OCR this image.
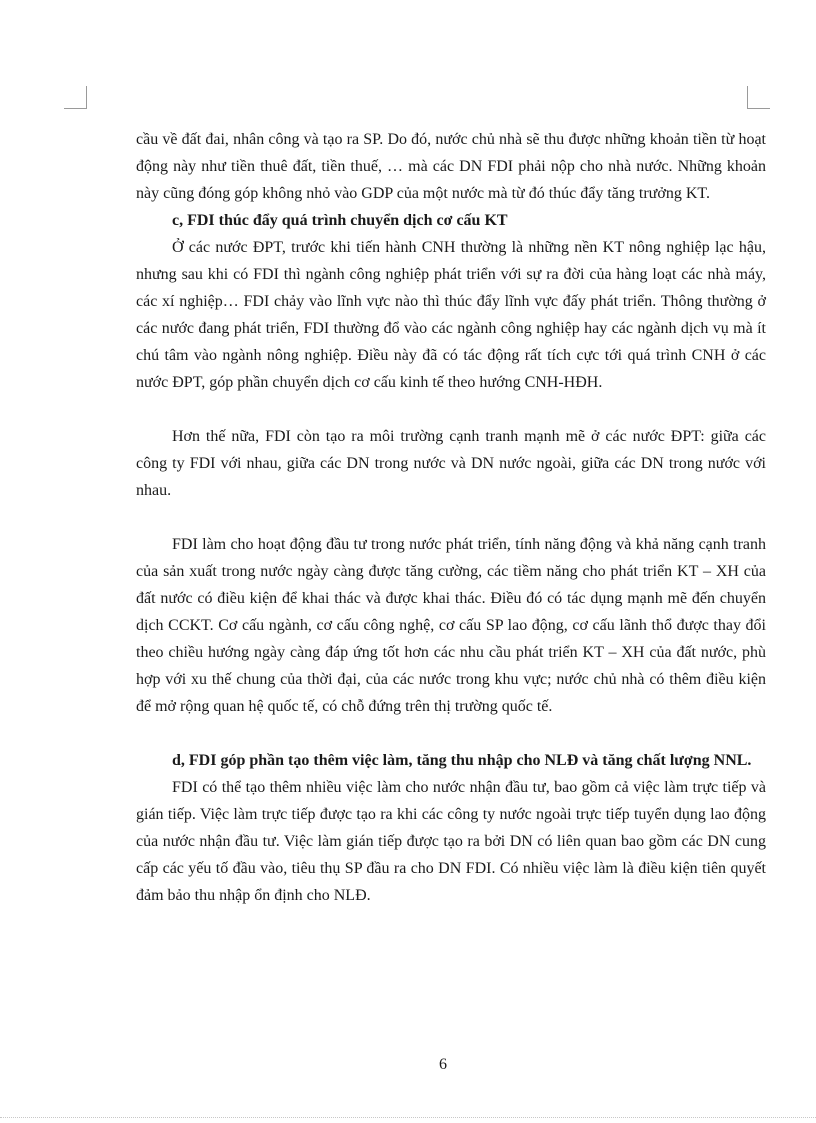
cầu về đất đai, nhân công và tạo ra SP. Do đó, nước chủ nhà sẽ thu được những khoản tiền từ hoạt động này như tiền thuê đất, tiền thuế, … mà các DN FDI phải nộp cho nhà nước. Những khoản này cũng đóng góp không nhỏ vào GDP của một nước mà từ đó thúc đẩy tăng trưởng KT.

c, FDI thúc đẩy quá trình chuyển dịch cơ cấu KT

Ở các nước ĐPT, trước khi tiến hành CNH thường là những nền KT nông nghiệp lạc hậu, nhưng sau khi có FDI thì ngành công nghiệp phát triển với sự ra đời của hàng loạt các nhà máy, các xí nghiệp… FDI chảy vào lĩnh vực nào thì thúc đẩy lĩnh vực đấy phát triển. Thông thường ở các nước đang phát triển, FDI thường đổ vào các ngành công nghiệp hay các ngành dịch vụ mà ít chú tâm vào ngành nông nghiệp. Điều này đã có tác động rất tích cực tới quá trình CNH ở các nước ĐPT, góp phần chuyển dịch cơ cấu kinh tế theo hướng CNH-HĐH.

Hơn thế nữa, FDI còn tạo ra môi trường cạnh tranh mạnh mẽ ở các nước ĐPT: giữa các công ty FDI với nhau, giữa các DN trong nước và DN nước ngoài, giữa các DN trong nước với nhau.

FDI làm cho hoạt động đầu tư trong nước phát triển, tính năng động và khả năng cạnh tranh của sản xuất trong nước ngày càng được tăng cường, các tiềm năng cho phát triển KT – XH của đất nước có điều kiện để khai thác và được khai thác. Điều đó có tác dụng mạnh mẽ đến chuyển dịch CCKT. Cơ cấu ngành, cơ cấu công nghệ, cơ cấu SP lao động, cơ cấu lãnh thổ được thay đổi theo chiều hướng ngày càng đáp ứng tốt hơn các nhu cầu phát triển KT – XH của đất nước, phù hợp với xu thế chung của thời đại, của các nước trong khu vực; nước chủ nhà có thêm điều kiện để mở rộng quan hệ quốc tế, có chỗ đứng trên thị trường quốc tế.

d, FDI góp phần tạo thêm việc làm, tăng thu nhập cho NLĐ và tăng chất lượng NNL.

FDI có thể tạo thêm nhiều việc làm cho nước nhận đầu tư, bao gồm cả việc làm trực tiếp và gián tiếp. Việc làm trực tiếp được tạo ra khi các công ty nước ngoài trực tiếp tuyển dụng lao động của nước nhận đầu tư. Việc làm gián tiếp được tạo ra bởi DN có liên quan bao gồm các DN cung cấp các yếu tố đầu vào, tiêu thụ SP đầu ra cho DN FDI. Có nhiều việc làm là điều kiện tiên quyết đảm bảo thu nhập ổn định cho NLĐ.

6
